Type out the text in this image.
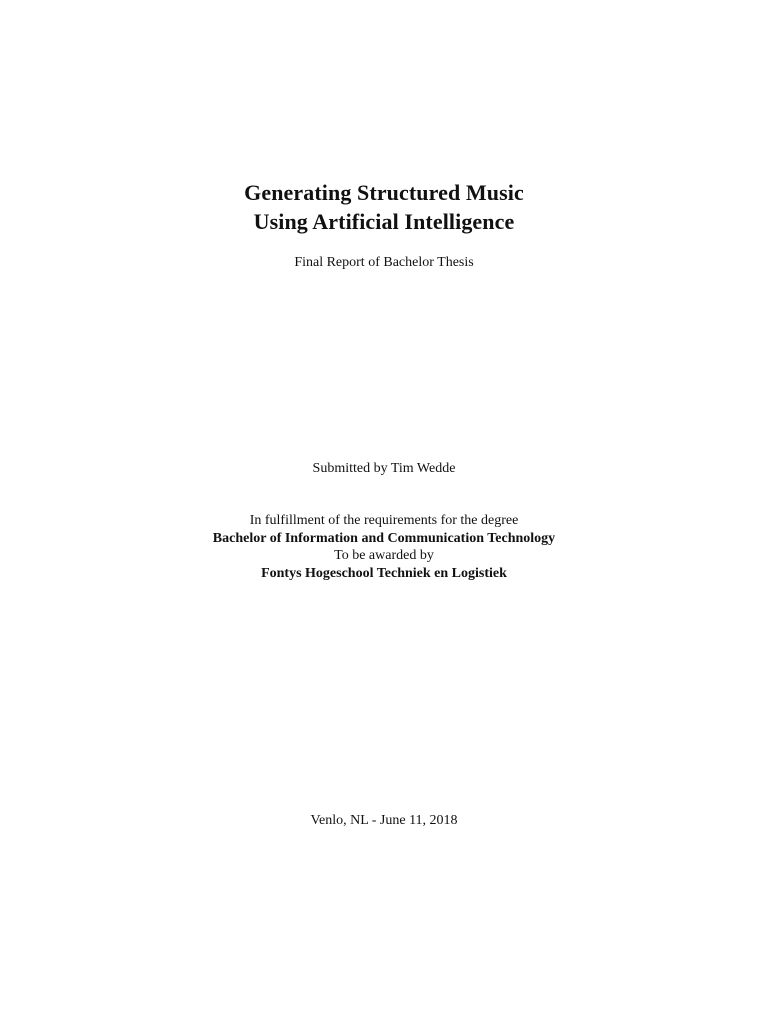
Generating Structured Music
Using Artificial Intelligence
Final Report of Bachelor Thesis
Submitted by Tim Wedde
In fulfillment of the requirements for the degree
Bachelor of Information and Communication Technology
To be awarded by
Fontys Hogeschool Techniek en Logistiek
Venlo, NL - June 11, 2018
